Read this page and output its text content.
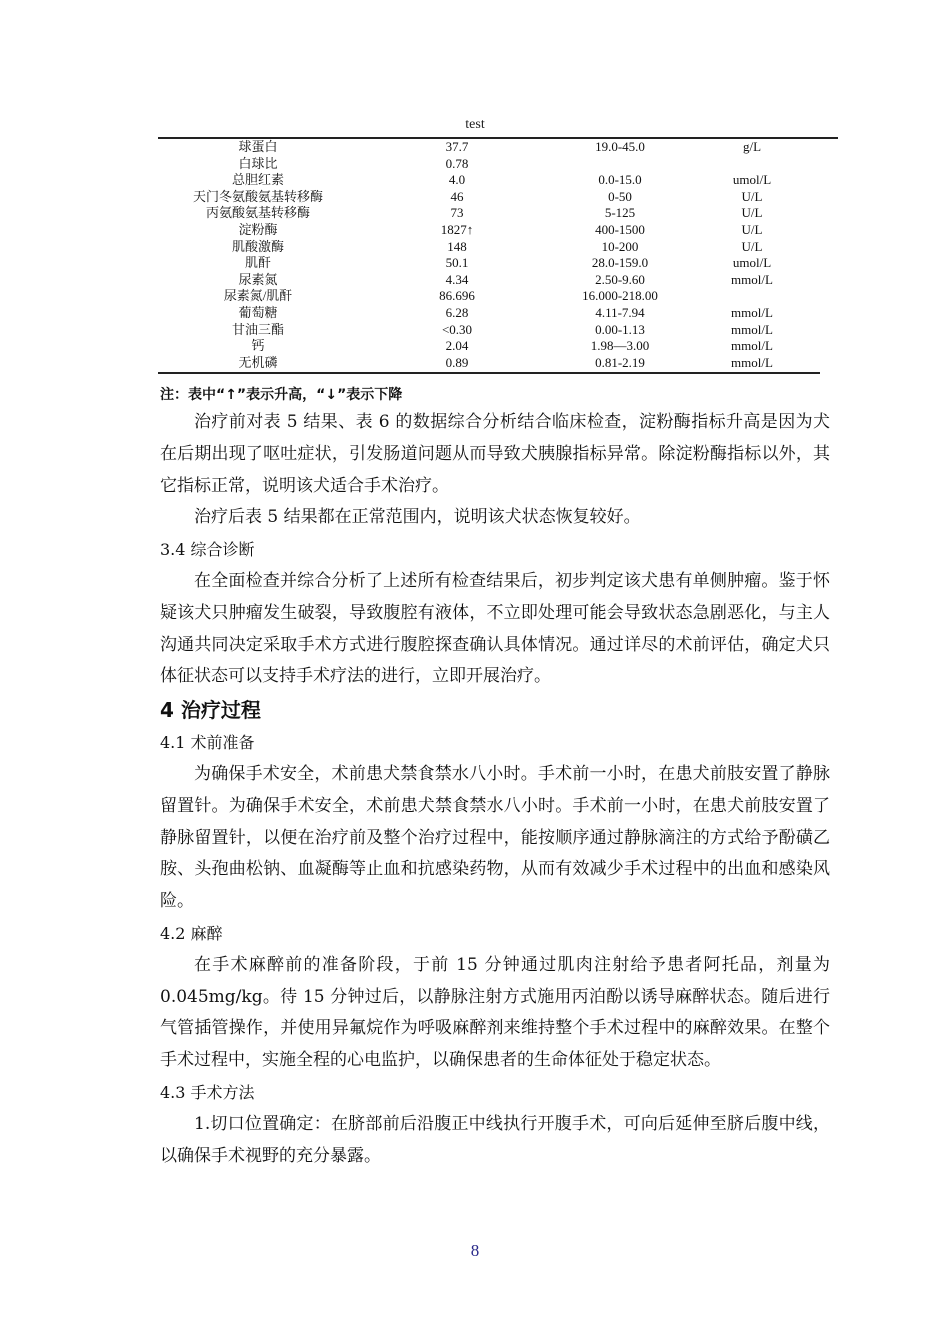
test
球蛋白	37.7	19.0-45.0	g/L
白球比	0.78		
总胆红素	4.0	0.0-15.0	umol/L
天门冬氨酸氨基转移酶	46	0-50	U/L
丙氨酸氨基转移酶	73	5-125	U/L
淀粉酶	1827↑	400-1500	U/L
肌酸激酶	148	10-200	U/L
肌酐	50.1	28.0-159.0	umol/L
尿素氮	4.34	2.50-9.60	mmol/L
尿素氮/肌酐	86.696	16.000-218.00	
葡萄糖	6.28	4.11-7.94	mmol/L
甘油三酯	<0.30	0.00-1.13	mmol/L
钙	2.04	1.98—3.00	mmol/L
无机磷	0.89	0.81-2.19	mmol/L
注：表中“↑”表示升高，“↓”表示下降

治疗前对表 5 结果、表 6 的数据综合分析结合临床检查，淀粉酶指标升高是因为犬在后期出现了呕吐症状，引发肠道问题从而导致犬胰腺指标异常。除淀粉酶指标以外，其它指标正常，说明该犬适合手术治疗。

治疗后表 5 结果都在正常范围内，说明该犬状态恢复较好。

3.4 综合诊断

在全面检查并综合分析了上述所有检查结果后，初步判定该犬患有单侧肿瘤。鉴于怀疑该犬只肿瘤发生破裂，导致腹腔有液体，不立即处理可能会导致状态急剧恶化，与主人沟通共同决定采取手术方式进行腹腔探查确认具体情况。通过详尽的术前评估，确定犬只体征状态可以支持手术疗法的进行，立即开展治疗。

4 治疗过程

4.1 术前准备

为确保手术安全，术前患犬禁食禁水八小时。手术前一小时，在患犬前肢安置了静脉留置针。为确保手术安全，术前患犬禁食禁水八小时。手术前一小时，在患犬前肢安置了静脉留置针，以便在治疗前及整个治疗过程中，能按顺序通过静脉滴注的方式给予酚磺乙胺、头孢曲松钠、血凝酶等止血和抗感染药物，从而有效减少手术过程中的出血和感染风险。

4.2 麻醉

在手术麻醉前的准备阶段，于前 15 分钟通过肌肉注射给予患者阿托品，剂量为 0.045mg/kg。待 15 分钟过后，以静脉注射方式施用丙泊酚以诱导麻醉状态。随后进行气管插管操作，并使用异氟烷作为呼吸麻醉剂来维持整个手术过程中的麻醉效果。在整个手术过程中，实施全程的心电监护，以确保患者的生命体征处于稳定状态。

4.3 手术方法

1.切口位置确定：在脐部前后沿腹正中线执行开腹手术，可向后延伸至脐后腹中线，以确保手术视野的充分暴露。

8
